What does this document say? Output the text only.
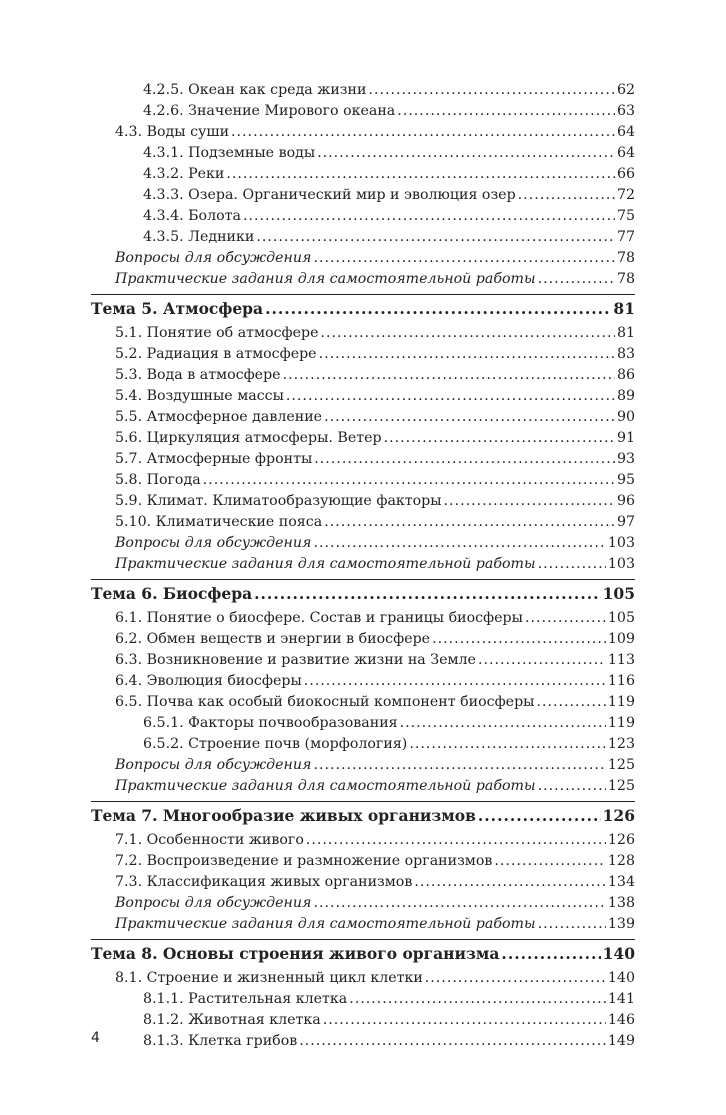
4.2.5. Океан как среда жизни .....	62
4.2.6. Значение Мирового океана .....	63
4.3. Воды суши .....	64
4.3.1. Подземные воды .....	64
4.3.2. Реки .....	66
4.3.3. Озера. Органический мир и эволюция озер .....	72
4.3.4. Болота .....	75
4.3.5. Ледники .....	77
Вопросы для обсуждения .....	78
Практические задания для самостоятельной работы .....	78
Тема 5. Атмосфера .....	81
5.1. Понятие об атмосфере .....	81
5.2. Радиация в атмосфере .....	83
5.3. Вода в атмосфере .....	86
5.4. Воздушные массы .....	89
5.5. Атмосферное давление .....	90
5.6. Циркуляция атмосферы. Ветер .....	91
5.7. Атмосферные фронты .....	93
5.8. Погода .....	95
5.9. Климат. Климатообразующие факторы .....	96
5.10. Климатические пояса .....	97
Вопросы для обсуждения .....	103
Практические задания для самостоятельной работы .....	103
Тема 6. Биосфера .....	105
6.1. Понятие о биосфере. Состав и границы биосферы .....	105
6.2. Обмен веществ и энергии в биосфере .....	109
6.3. Возникновение и развитие жизни на Земле .....	113
6.4. Эволюция биосферы .....	116
6.5. Почва как особый биокосный компонент биосферы .....	119
6.5.1. Факторы почвообразования .....	119
6.5.2. Строение почв (морфология) .....	123
Вопросы для обсуждения .....	125
Практические задания для самостоятельной работы .....	125
Тема 7. Многообразие живых организмов .....	126
7.1. Особенности живого .....	126
7.2. Воспроизведение и размножение организмов .....	128
7.3. Классификация живых организмов .....	134
Вопросы для обсуждения .....	138
Практические задания для самостоятельной работы .....	139
Тема 8. Основы строения живого организма .....	140
8.1. Строение и жизненный цикл клетки .....	140
8.1.1. Растительная клетка .....	141
8.1.2. Животная клетка .....	146
8.1.3. Клетка грибов .....	149
4
